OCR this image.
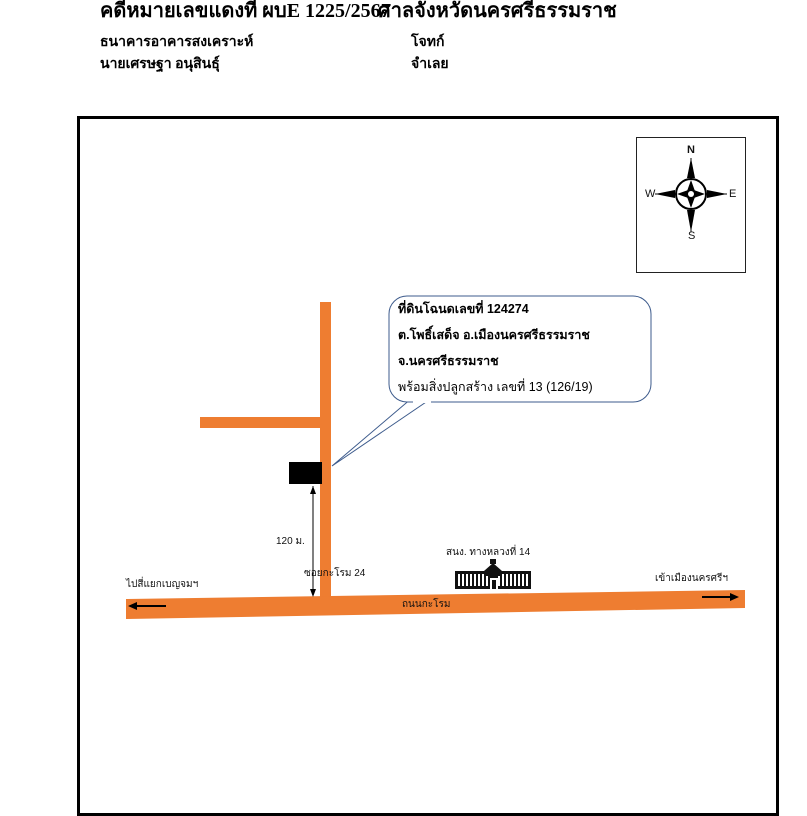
คดีหมายเลขแดงที่ ผบE 1225/2567
ศาลจังหวัดนครศรีธรรมราช
ธนาคารอาคารสงเคราะห์	โจทก์
นายเศรษฐา อนุสินธุ์	จำเลย
N
S
E
W
ที่ดินโฉนดเลขที่ 124274
ต.โพธิ์เสด็จ อ.เมืองนครศรีธรรมราช
จ.นครศรีธรรมราช
พร้อมสิ่งปลูกสร้าง เลขที่ 13 (126/19)
120 ม.
ซอยกะโรม 24
สนง. ทางหลวงที่ 14
ไปสี่แยกเบญจมฯ
เข้าเมืองนครศรีฯ
ถนนกะโรม
